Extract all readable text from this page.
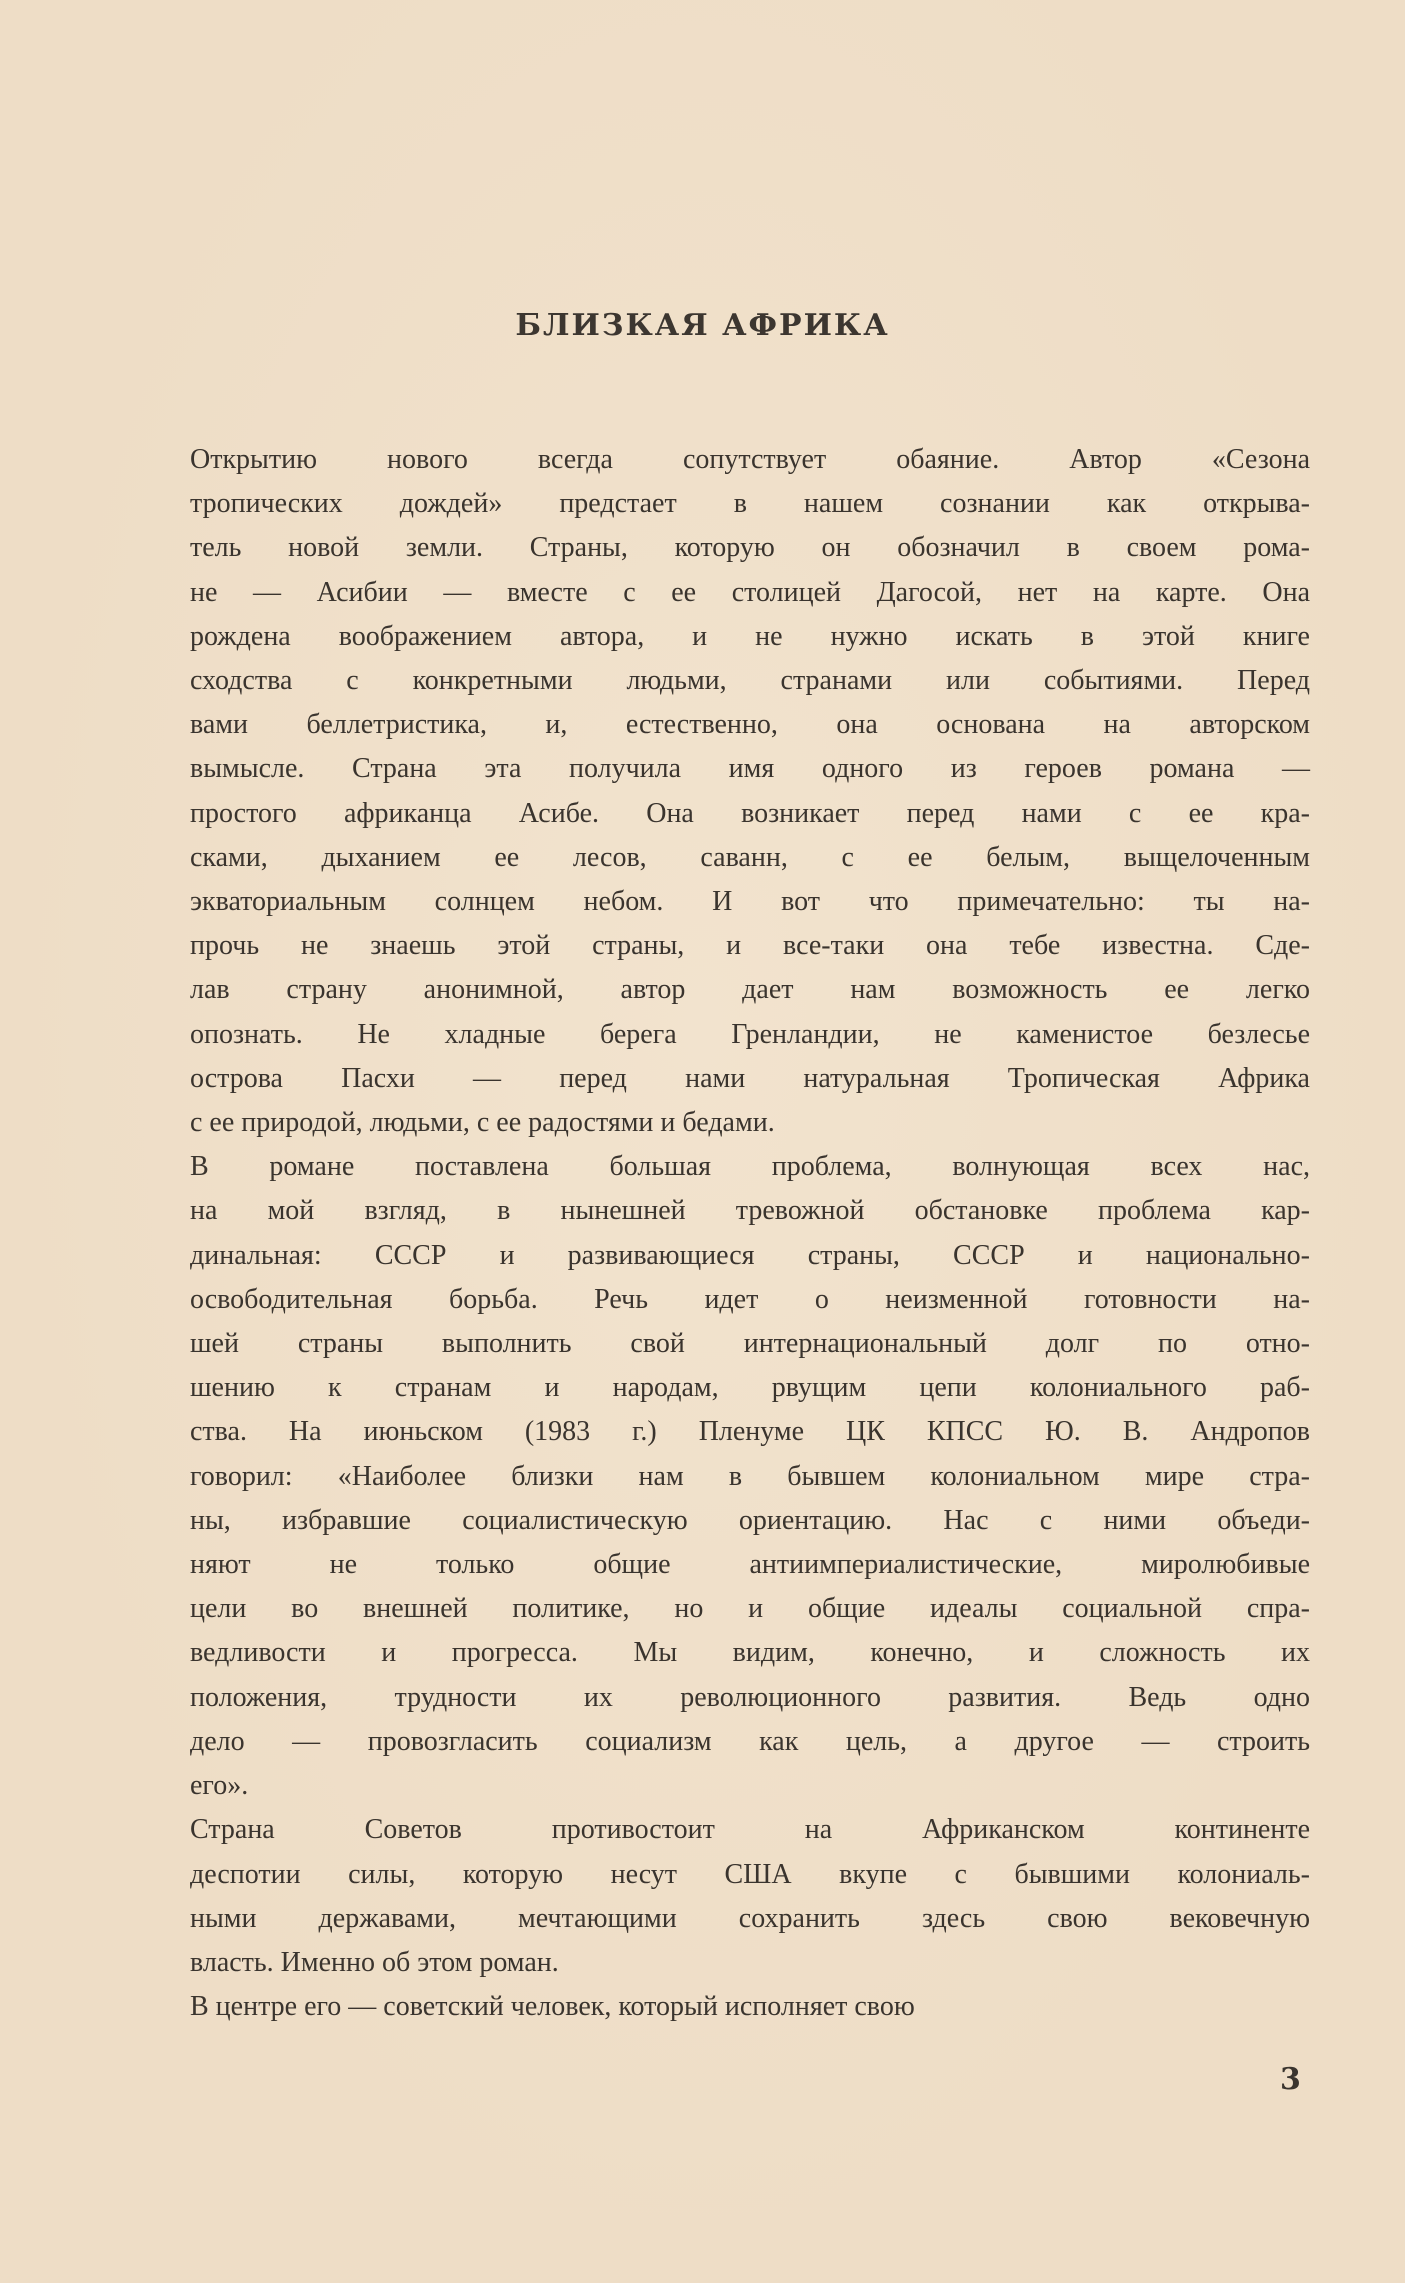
БЛИЗКАЯ АФРИКА

Открытию нового всегда сопутствует обаяние. Автор «Сезона
тропических дождей» предстает в нашем сознании как открыва-
тель новой земли. Страны, которую он обозначил в своем рома-
не — Асибии — вместе с ее столицей Дагосой, нет на карте. Она
рождена воображением автора, и не нужно искать в этой книге
сходства с конкретными людьми, странами или событиями. Перед
вами беллетристика, и, естественно, она основана на авторском
вымысле. Страна эта получила имя одного из героев романа —
простого африканца Асибе. Она возникает перед нами с ее кра-
сками, дыханием ее лесов, саванн, с ее белым, выщелоченным
экваториальным солнцем небом. И вот что примечательно: ты на-
прочь не знаешь этой страны, и все-таки она тебе известна. Сде-
лав страну анонимной, автор дает нам возможность ее легко
опознать. Не хладные берега Гренландии, не каменистое безлесье
острова Пасхи — перед нами натуральная Тропическая Африка
с ее природой, людьми, с ее радостями и бедами.

В романе поставлена большая проблема, волнующая всех нас,
на мой взгляд, в нынешней тревожной обстановке проблема кар-
динальная: СССР и развивающиеся страны, СССР и национально-
освободительная борьба. Речь идет о неизменной готовности на-
шей страны выполнить свой интернациональный долг по отно-
шению к странам и народам, рвущим цепи колониального раб-
ства. На июньском (1983 г.) Пленуме ЦК КПСС Ю. В. Андропов
говорил: «Наиболее близки нам в бывшем колониальном мире стра-
ны, избравшие социалистическую ориентацию. Нас с ними объеди-
няют не только общие антиимпериалистические, миролюбивые
цели во внешней политике, но и общие идеалы социальной спра-
ведливости и прогресса. Мы видим, конечно, и сложность их
положения, трудности их революционного развития. Ведь одно
дело — провозгласить социализм как цель, а другое — строить
его».

Страна Советов противостоит на Африканском континенте
деспотии силы, которую несут США вкупе с бывшими колониаль-
ными державами, мечтающими сохранить здесь свою вековечную
власть. Именно об этом роман.

В центре его — советский человек, который исполняет свою

3
